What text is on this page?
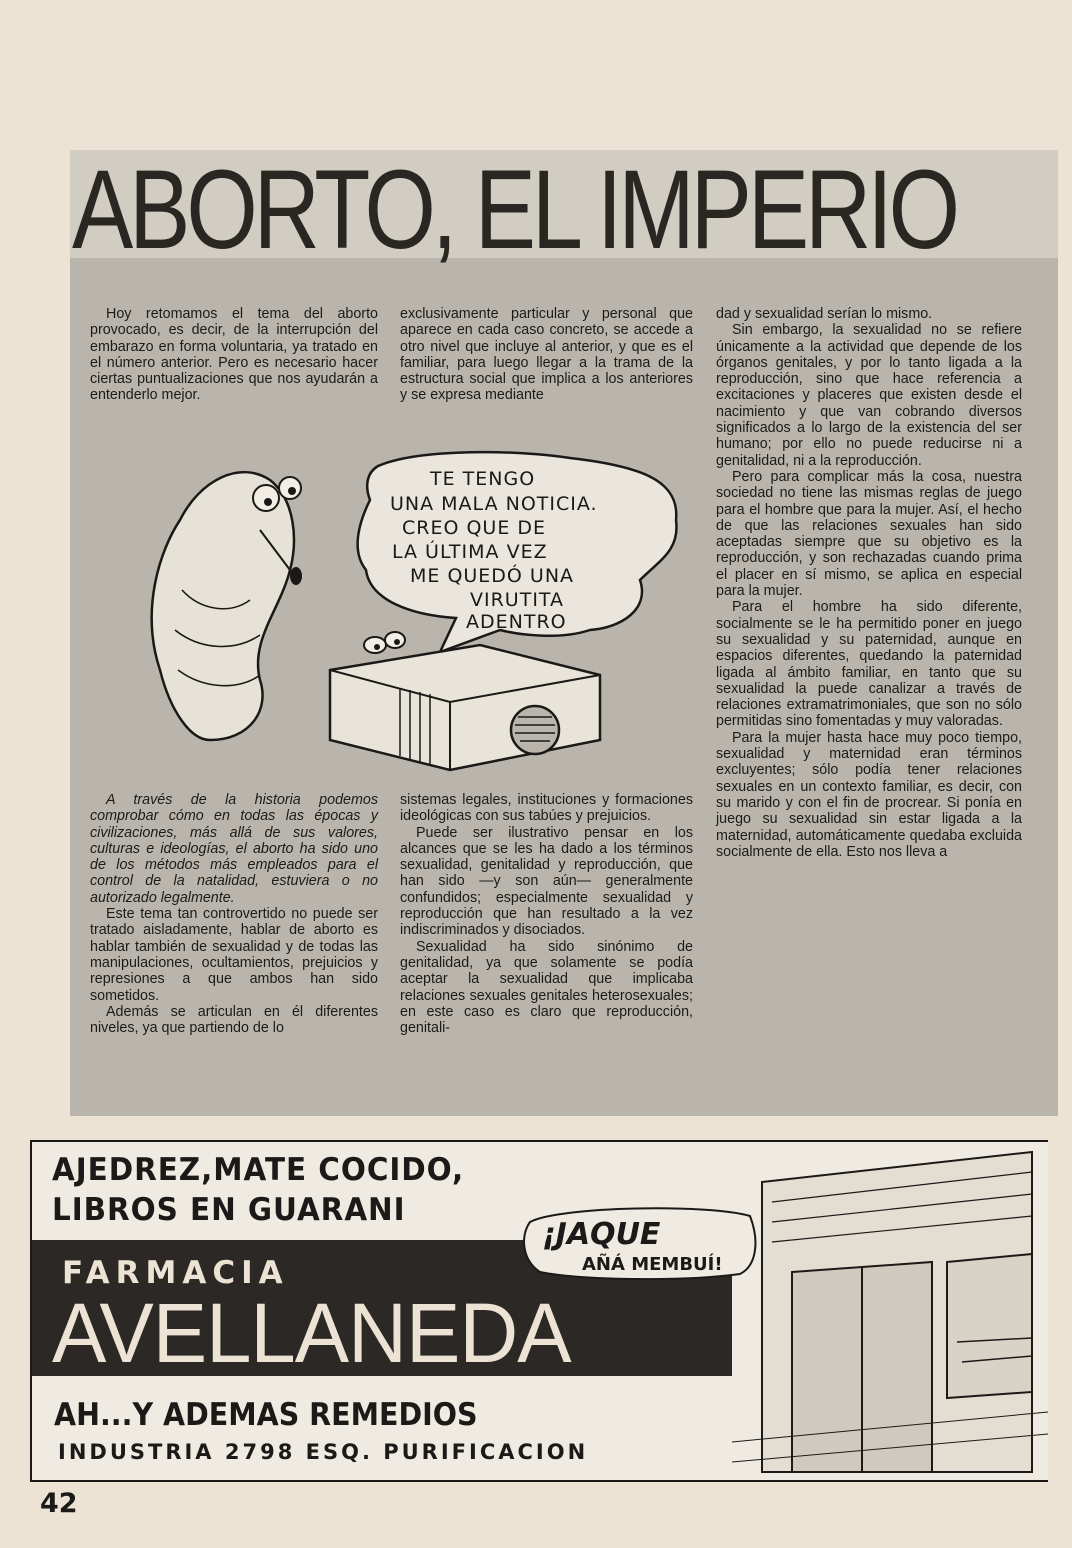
ABORTO, EL IMPERIO

Hoy retomamos el tema del aborto provocado, es decir, de la interrupción del embarazo en forma voluntaria, ya tratado en el número anterior. Pero es necesario hacer ciertas puntualizaciones que nos ayudarán a entenderlo mejor.

exclusivamente particular y personal que aparece en cada caso concreto, se accede a otro nivel que incluye al anterior, y que es el familiar, para luego llegar a la trama de la estructura social que implica a los anteriores y se expresa mediante

dad y sexualidad serían lo mismo.

Sin embargo, la sexualidad no se refiere únicamente a la actividad que depende de los órganos genitales, y por lo tanto ligada a la reproducción, sino que hace referencia a excitaciones y placeres que existen desde el nacimiento y que van cobrando diversos significados a lo largo de la existencia del ser humano; por ello no puede reducirse ni a genitalidad, ni a la reproducción.

Pero para complicar más la cosa, nuestra sociedad no tiene las mismas reglas de juego para el hombre que para la mujer. Así, el hecho de que las relaciones sexuales han sido aceptadas siempre que su objetivo es la reproducción, y son rechazadas cuando prima el placer en sí mismo, se aplica en especial para la mujer.

Para el hombre ha sido diferente, socialmente se le ha permitido poner en juego su sexualidad y su paternidad, aunque en espacios diferentes, quedando la paternidad ligada al ámbito familiar, en tanto que su sexualidad la puede canalizar a través de relaciones extramatrimoniales, que son no sólo permitidas sino fomentadas y muy valoradas.

Para la mujer hasta hace muy poco tiempo, sexualidad y maternidad eran términos excluyentes; sólo podía tener relaciones sexuales en un contexto familiar, es decir, con su marido y con el fin de procrear. Si ponía en juego su sexualidad sin estar ligada a la maternidad, automáticamente quedaba excluida socialmente de ella. Esto nos lleva a

A través de la historia podemos comprobar cómo en todas las épocas y civilizaciones, más allá de sus valores, culturas e ideologías, el aborto ha sido uno de los métodos más empleados para el control de la natalidad, estuviera o no autorizado legalmente.

Este tema tan controvertido no puede ser tratado aisladamente, hablar de aborto es hablar también de sexualidad y de todas las manipulaciones, ocultamientos, prejuicios y represiones a que ambos han sido sometidos.

Además se articulan en él diferentes niveles, ya que partiendo de lo

sistemas legales, instituciones y formaciones ideológicas con sus tabúes y prejuicios.

Puede ser ilustrativo pensar en los alcances que se les ha dado a los términos sexualidad, genitalidad y reproducción, que han sido —y son aún— generalmente confundidos; especialmente sexualidad y reproducción que han resultado a la vez indiscriminados y disociados.

Sexualidad ha sido sinónimo de genitalidad, ya que solamente se podía aceptar la sexualidad que implicaba relaciones sexuales genitales heterosexuales; en este caso es claro que reproducción, genitali-

TE TENGO
UNA MALA NOTICIA.
CREO QUE DE
LA ÚLTIMA VEZ
ME QUEDÓ UNA
VIRUTITA
ADENTRO
AJEDREZ,MATE COCIDO,
LIBROS EN GUARANI
FARMACIA
AVELLANEDA
AH...Y ADEMAS REMEDIOS
INDUSTRIA 2798 ESQ. PURIFICACION
¡JAQUE
AÑÁ MEMBUÍ!
42
